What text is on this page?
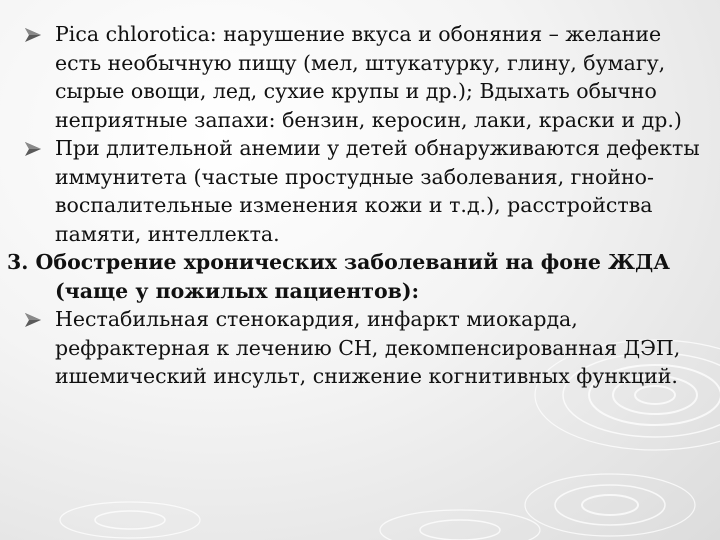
Pica chlorotica: нарушение вкуса и обоняния – желание есть необычную пищу (мел, штукатурку, глину, бумагу, сырые овощи, лед, сухие крупы и др.); Вдыхать обычно неприятные запахи: бензин, керосин, лаки, краски и др.)
При длительной анемии у детей обнаруживаются дефекты иммунитета (частые простудные заболевания, гнойно-воспалительные изменения кожи и т.д.), расстройства памяти, интеллекта.
3. Обострение хронических заболеваний на фоне ЖДА (чаще у пожилых пациентов):
Нестабильная стенокардия, инфаркт миокарда, рефрактерная к лечению СН, декомпенсированная ДЭП, ишемический инсульт, снижение когнитивных функций.
